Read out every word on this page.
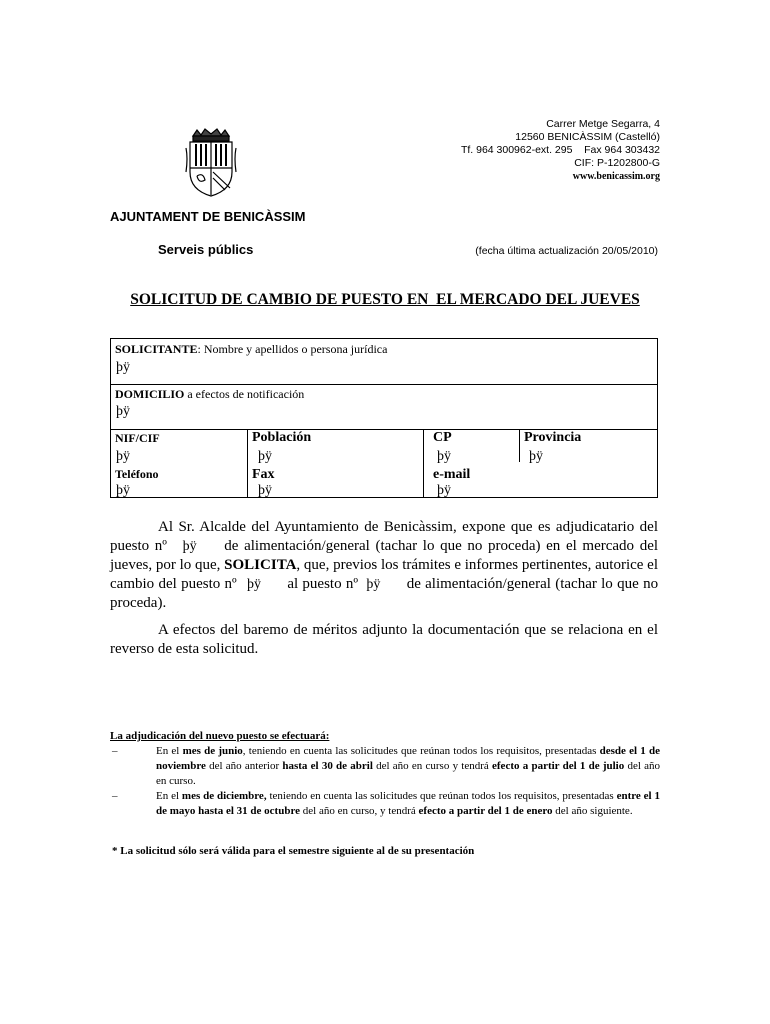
Carrer Metge Segarra, 4
12560 BENICÀSSIM (Castelló)
Tf. 964 300962-ext. 295    Fax 964 303432
CIF: P-1202800-G
www.benicassim.org
AJUNTAMENT DE BENICÀSSIM
Serveis públics	(fecha última actualización 20/05/2010)
SOLICITUD DE CAMBIO DE PUESTO EN  EL MERCADO DEL JUEVES
SOLICITANTE: Nombre y apellidos o persona jurídica
þÿ
DOMICILIO a efectos de notificación
þÿ
NIF/CIF
þÿ
Población
þÿ
CP
þÿ
Provincia
þÿ
Teléfono
þÿ
Fax
þÿ
e-mail
þÿ

Al Sr. Alcalde del Ayuntamiento de Benicàssim, expone que es adjudicatario del puesto nº þÿ de alimentación/general (tachar lo que no proceda) en el mercado del jueves, por lo que, SOLICITA, que, previos los trámites e informes pertinentes, autorice el cambio del puesto nº þÿ al puesto nº þÿ de alimentación/general (tachar lo que no proceda).

A efectos del baremo de méritos adjunto la documentación que se relaciona en el reverso de esta solicitud.

La adjudicación del nuevo puesto se efectuará:
–	En el mes de junio, teniendo en cuenta las solicitudes que reúnan todos los requisitos, presentadas desde el 1 de noviembre del año anterior hasta el 30 de abril del año en curso y tendrá efecto a partir del 1 de julio del año en curso.
–	En el mes de diciembre, teniendo en cuenta las solicitudes que reúnan todos los requisitos, presentadas entre el 1 de mayo hasta el 31 de octubre del año en curso, y tendrá efecto a partir del 1 de enero del año siguiente.
* La solicitud sólo será válida para el semestre siguiente al de su presentación
